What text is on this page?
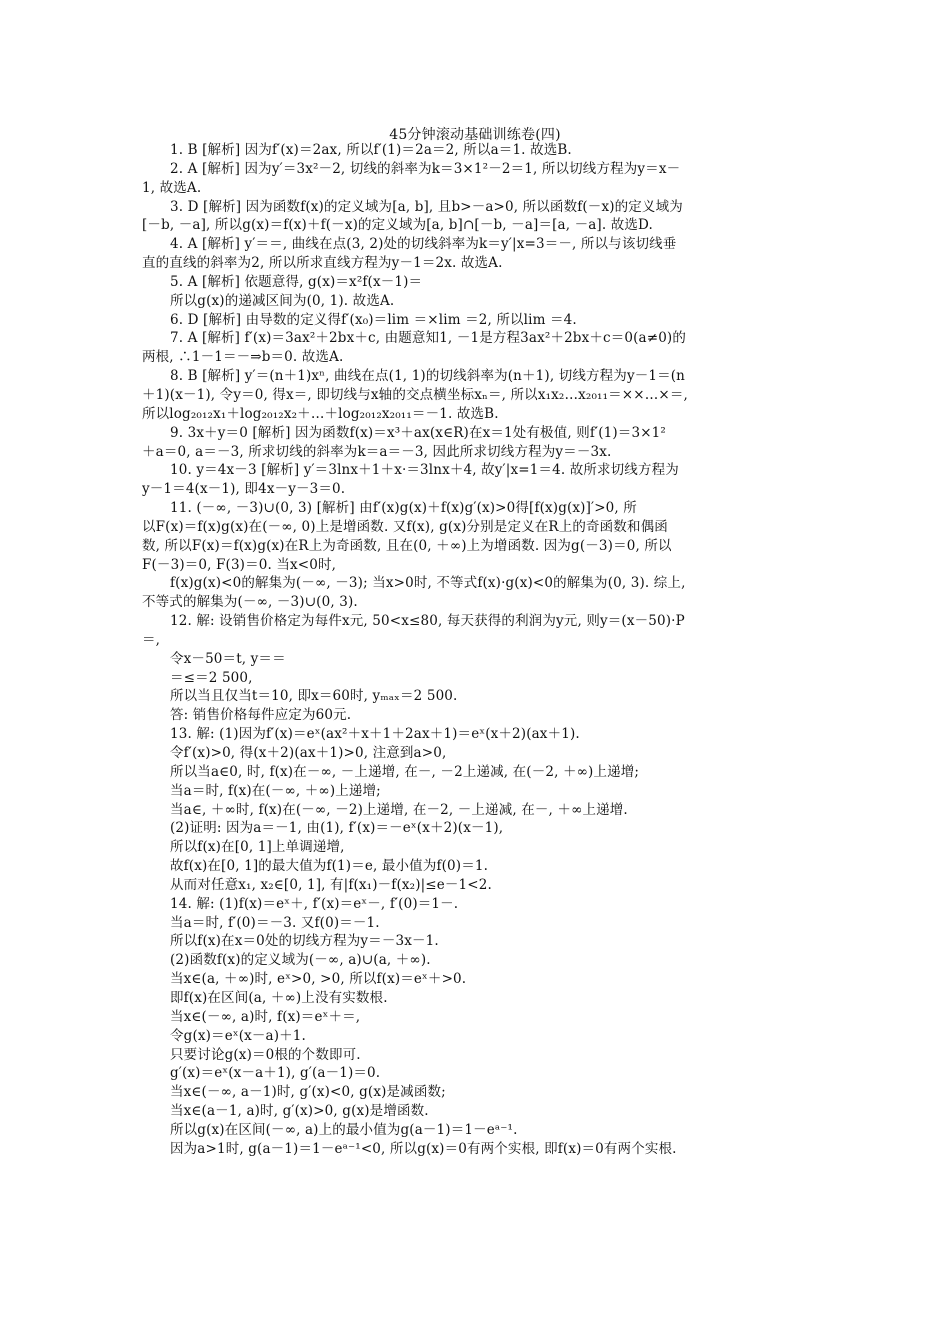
45分钟滚动基础训练卷(四)
1. B [解析] 因为f′(x)＝2ax, 所以f′(1)＝2a＝2, 所以a＝1. 故选B.
2. A [解析] 因为y′＝3x²－2, 切线的斜率为k＝3×1²－2＝1, 所以切线方程为y＝x－
1, 故选A.
3. D [解析] 因为函数f(x)的定义域为[a, b], 且b>－a>0, 所以函数f(－x)的定义域为
[－b, －a], 所以g(x)＝f(x)＋f(－x)的定义域为[a, b]∩[－b, －a]＝[a, －a]. 故选D.
4. A [解析] y′＝＝, 曲线在点(3, 2)处的切线斜率为k＝y′|x=3＝－, 所以与该切线垂
直的直线的斜率为2, 所以所求直线方程为y－1＝2x. 故选A.
5. A [解析] 依题意得, g(x)＝x²f(x－1)＝
所以g(x)的递减区间为(0, 1). 故选A.
6. D [解析] 由导数的定义得f′(x₀)＝lim ＝×lim ＝2, 所以lim ＝4.
7. A [解析] f′(x)＝3ax²＋2bx＋c, 由题意知1, －1是方程3ax²＋2bx＋c＝0(a≠0)的
两根, ∴1－1＝－⇒b＝0. 故选A.
8. B [解析] y′＝(n＋1)xⁿ, 曲线在点(1, 1)的切线斜率为(n＋1), 切线方程为y－1＝(n
＋1)(x－1), 令y＝0, 得x＝, 即切线与x轴的交点横坐标xₙ＝, 所以x₁x₂…x₂₀₁₁＝××…×＝,
所以log₂₀₁₂x₁＋log₂₀₁₂x₂＋…＋log₂₀₁₂x₂₀₁₁＝－1. 故选B.
9. 3x＋y＝0 [解析] 因为函数f(x)＝x³＋ax(x∈R)在x＝1处有极值, 则f′(1)＝3×1²
＋a＝0, a＝－3, 所求切线的斜率为k＝a＝－3, 因此所求切线方程为y＝－3x.
10. y＝4x－3 [解析] y′＝3lnx＋1＋x·＝3lnx＋4, 故y′|x=1＝4. 故所求切线方程为
y－1＝4(x－1), 即4x－y－3＝0.
11. (－∞, －3)∪(0, 3) [解析] 由f′(x)g(x)＋f(x)g′(x)>0得[f(x)g(x)]′>0, 所
以F(x)＝f(x)g(x)在(－∞, 0)上是增函数. 又f(x), g(x)分别是定义在R上的奇函数和偶函
数, 所以F(x)＝f(x)g(x)在R上为奇函数, 且在(0, ＋∞)上为增函数. 因为g(－3)＝0, 所以
F(－3)＝0, F(3)＝0. 当x<0时,
f(x)g(x)<0的解集为(－∞, －3); 当x>0时, 不等式f(x)·g(x)<0的解集为(0, 3). 综上,
不等式的解集为(－∞, －3)∪(0, 3).
12. 解: 设销售价格定为每件x元, 50<x≤80, 每天获得的利润为y元, 则y＝(x－50)·P
＝,
令x－50＝t, y＝＝
＝≤＝2 500,
所以当且仅当t＝10, 即x＝60时, yₘₐₓ＝2 500.
答: 销售价格每件应定为60元.
13. 解: (1)因为f′(x)＝eˣ(ax²＋x＋1＋2ax＋1)＝eˣ(x＋2)(ax＋1).
令f′(x)>0, 得(x＋2)(ax＋1)>0, 注意到a>0,
所以当a∈0, 时, f(x)在－∞, －上递增, 在－, －2上递减, 在(－2, ＋∞)上递增;
当a＝时, f(x)在(－∞, ＋∞)上递增;
当a∈, ＋∞时, f(x)在(－∞, －2)上递增, 在－2, －上递减, 在－, ＋∞上递增.
(2)证明: 因为a＝－1, 由(1), f′(x)＝－eˣ(x＋2)(x－1),
所以f(x)在[0, 1]上单调递增,
故f(x)在[0, 1]的最大值为f(1)＝e, 最小值为f(0)＝1.
从而对任意x₁, x₂∈[0, 1], 有|f(x₁)－f(x₂)|≤e－1<2.
14. 解: (1)f(x)＝eˣ＋, f′(x)＝eˣ－, f′(0)＝1－.
当a＝时, f′(0)＝－3. 又f(0)＝－1.
所以f(x)在x＝0处的切线方程为y＝－3x－1.
(2)函数f(x)的定义域为(－∞, a)∪(a, ＋∞).
当x∈(a, ＋∞)时, eˣ>0, >0, 所以f(x)＝eˣ＋>0.
即f(x)在区间(a, ＋∞)上没有实数根.
当x∈(－∞, a)时, f(x)＝eˣ＋＝,
令g(x)＝eˣ(x－a)＋1.
只要讨论g(x)＝0根的个数即可.
g′(x)＝eˣ(x－a＋1), g′(a－1)＝0.
当x∈(－∞, a－1)时, g′(x)<0, g(x)是减函数;
当x∈(a－1, a)时, g′(x)>0, g(x)是增函数.
所以g(x)在区间(－∞, a)上的最小值为g(a－1)＝1－eᵃ⁻¹.
因为a>1时, g(a－1)＝1－eᵃ⁻¹<0, 所以g(x)＝0有两个实根, 即f(x)＝0有两个实根.
